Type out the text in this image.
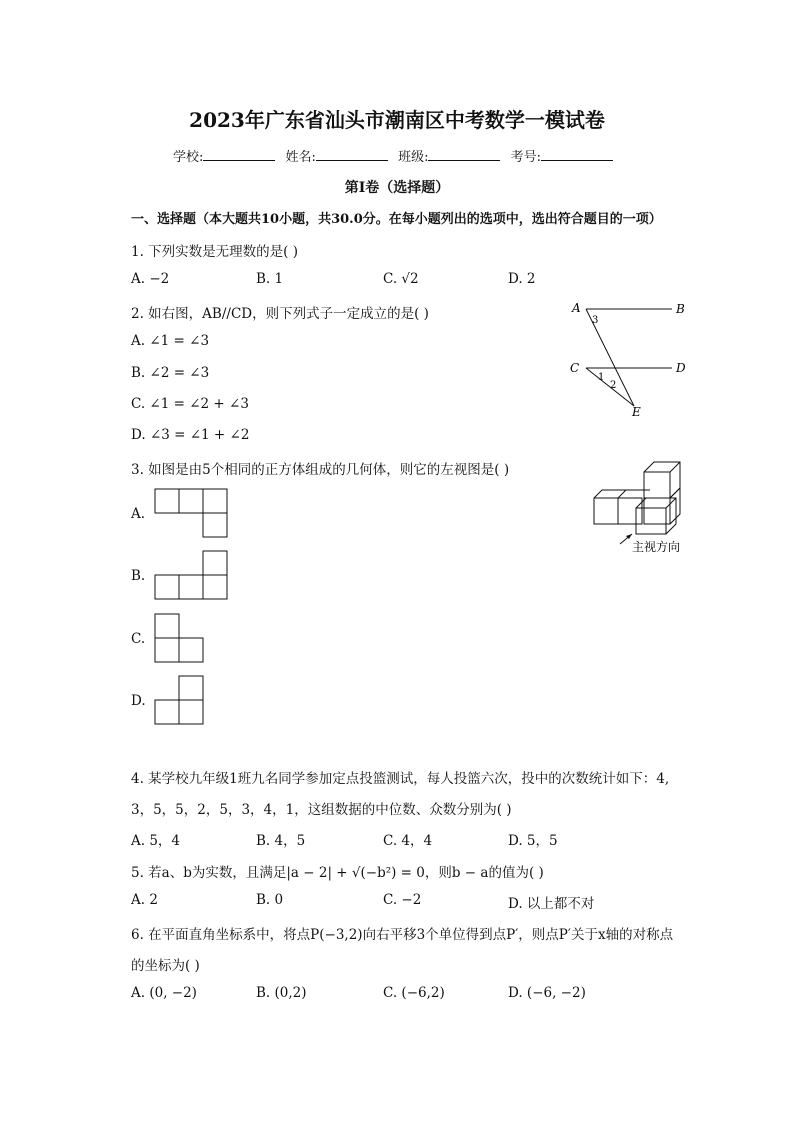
2023年广东省汕头市潮南区中考数学一模试卷
学校:	姓名:	班级:	考号:
第I卷（选择题）
一、选择题（本大题共10小题，共30.0分。在每小题列出的选项中，选出符合题目的一项）
1. 下列实数是无理数的是( )
A. −2	B. 1	C. √2	D. 2
2. 如右图，AB//CD，则下列式子一定成立的是( )
A. ∠1 = ∠3
B. ∠2 = ∠3
C. ∠1 = ∠2 + ∠3
D. ∠3 = ∠1 + ∠2
A	B
C	D
E
3
1
2
3. 如图是由5个相同的正方体组成的几何体，则它的左视图是( )
A.
B.
C.
D.
主视方向
4. 某学校九年级1班九名同学参加定点投篮测试，每人投篮六次，投中的次数统计如下：4,
3，5，5，2，5，3，4，1，这组数据的中位数、众数分别为( )
A. 5，4	B. 4，5	C. 4，4	D. 5，5
5. 若a、b为实数，且满足|a − 2| + √(−b²) = 0，则b − a的值为( )
A. 2	B. 0	C. −2	D. 以上都不对
6. 在平面直角坐标系中，将点P(−3,2)向右平移3个单位得到点P′，则点P′关于x轴的对称点
的坐标为( )
A. (0, −2)	B. (0,2)	C. (−6,2)	D. (−6, −2)
